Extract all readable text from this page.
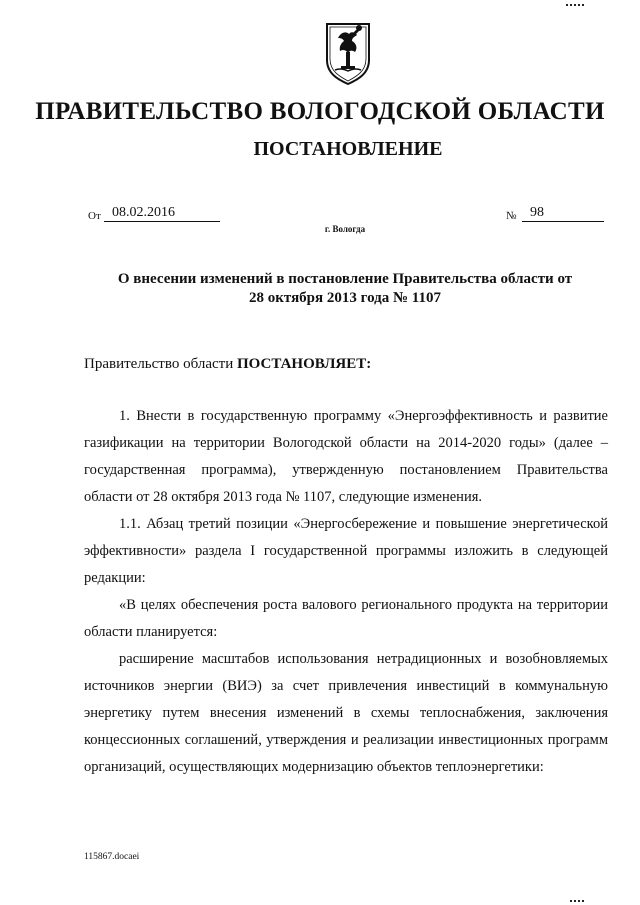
ПРАВИТЕЛЬСТВО ВОЛОГОДСКОЙ ОБЛАСТИ
ПОСТАНОВЛЕНИЕ
От 08.02.2016	№ 98
г. Вологда
О внесении изменений в постановление Правительства области от
28 октября 2013 года № 1107
Правительство области ПОСТАНОВЛЯЕТ:

1. Внести в государственную программу «Энергоэффективность и развитие газификации на территории Вологодской области на 2014-2020 годы» (далее – государственная программа), утвержденную постановлением Правительства области от 28 октября 2013 года № 1107, следующие изменения.

1.1. Абзац третий позиции «Энергосбережение и повышение энергетической эффективности» раздела I государственной программы изложить в следующей редакции:

«В целях обеспечения роста валового регионального продукта на территории области планируется:

расширение масштабов использования нетрадиционных и возобновляемых источников энергии (ВИЭ) за счет привлечения инвестиций в коммунальную энергетику путем внесения изменений в схемы теплоснабжения, заключения концессионных соглашений, утверждения и реализации инвестиционных программ организаций, осуществляющих модернизацию объектов теплоэнергетики:

115867.docaei
